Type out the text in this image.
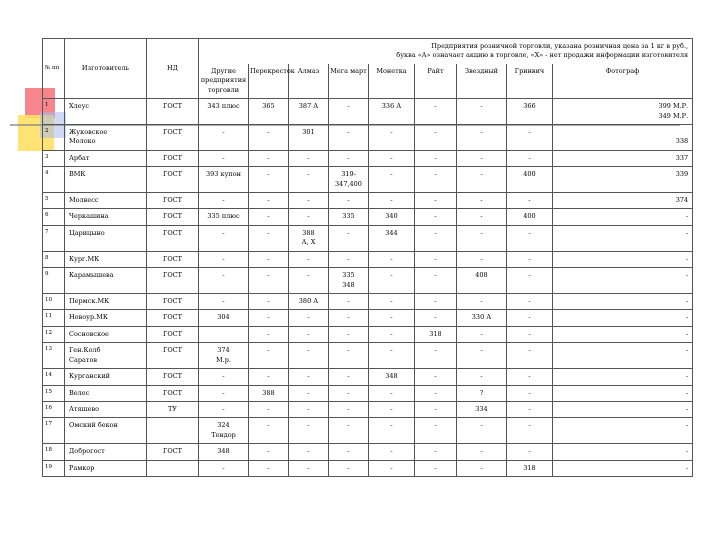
№ пп	Изготовитель	НД	Предприятия розничной торговли, указана розничная цена за 1 кг в руб.,
буква «А» означает акцию в торговле, «Х» - нет продажи информации изготовителя								

			Другие предприятия торговли	Перекресток	Алмаз	Мега март	Монетка	Райт	Звездный	Гринвич	Фотограф
1	Хлеус	ГОСТ	343 плюс	365	387 А	-	336 А	-	-	366	399 М.Р.
349 М.Р.
2	Жуковское
Молоко	ГОСТ	-	-	301	-	-	-	-	-	338
3	Арбат	ГОСТ	-	-	-	-	-	-	-	-	337
4	ВМК	ГОСТ	393 купон	-	-	319-
347,400	-	-	-	400	339
5	Молвесс	ГОСТ	-	-	-	-	-	-	-	-	374
6	Черкашина	ГОСТ	335 плюс	-	-	335	340	-	-	400	-
7	Царицыно	ГОСТ	-	-	388
А, Х	-	344	-	-	-	-
8	Кург.МК	ГОСТ	-	-	-	-	-	-	-	-	-
9	Карамышева	ГОСТ	-	-	-	335
348	-	-	408	-	-
10	Пермск.МК	ГОСТ	-	-	380 А	-	-	-	-	-	-
11	Новоур.МК	ГОСТ	304	-	-	-	-	-	330 А	-	-
12	Сосновское	ГОСТ		-	-	-	-	318	-	-	-
13	Ген.Колб
Саратов	ГОСТ	374
М.р.	-	-	-	-	-	-	-	-
14	Курганский	ГОСТ	-	-	-	-	348	-	-	-	-
15	Велес	ГОСТ	-	388	-	-	-	-	?	-	-
16	Атяшево	ТУ	-	-	-	-	-	-	334	-	-
17	Омский бекон		324
Тендор	-	-	-	-	-	-	-	-
18	Доброгост	ГОСТ	348	-	-	-	-	-	-	-	-
19	Рамкор		-	-	-	-	-	-	-	318	-
